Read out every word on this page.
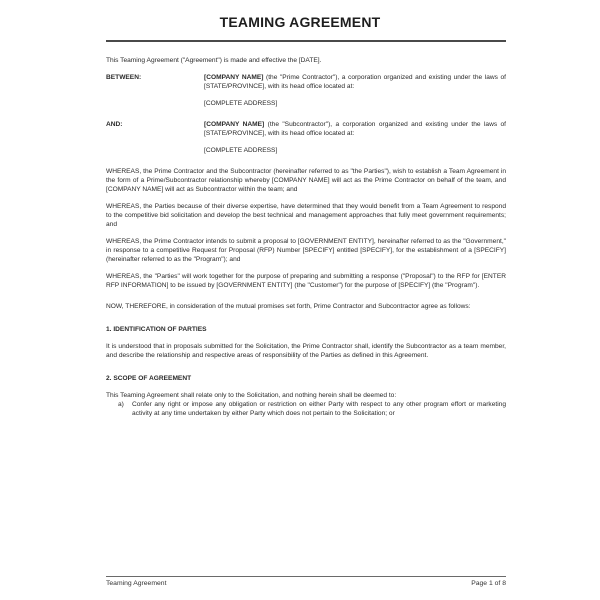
TEAMING AGREEMENT

This Teaming Agreement ("Agreement") is made and effective the [DATE].

BETWEEN:	[COMPANY NAME] (the "Prime Contractor"), a corporation organized and existing under the laws of [STATE/PROVINCE], with its head office located at:
[COMPLETE ADDRESS]
AND:	[COMPANY NAME] (the "Subcontractor"), a corporation organized and existing under the laws of [STATE/PROVINCE], with its head office located at:
[COMPLETE ADDRESS]

WHEREAS, the Prime Contractor and the Subcontractor (hereinafter referred to as "the Parties"), wish to establish a Team Agreement in the form of a Prime/Subcontractor relationship whereby [COMPANY NAME] will act as the Prime Contractor on behalf of the team, and [COMPANY NAME] will act as Subcontractor within the team; and

WHEREAS, the Parties because of their diverse expertise, have determined that they would benefit from a Team Agreement to respond to the competitive bid solicitation and develop the best technical and management approaches that fully meet government requirements; and

WHEREAS, the Prime Contractor intends to submit a proposal to [GOVERNMENT ENTITY], hereinafter referred to as the "Government," in response to a competitive Request for Proposal (RFP) Number [SPECIFY] entitled [SPECIFY], for the establishment of a [SPECIFY] (hereinafter referred to as the "Program"); and

WHEREAS, the "Parties" will work together for the purpose of preparing and submitting a response ("Proposal") to the RFP for [ENTER RFP INFORMATION] to be issued by [GOVERNMENT ENTITY] (the "Customer") for the purpose of [SPECIFY] (the "Program").

NOW, THEREFORE, in consideration of the mutual promises set forth, Prime Contractor and Subcontractor agree as follows:

1. IDENTIFICATION OF PARTIES

It is understood that in proposals submitted for the Solicitation, the Prime Contractor shall, identify the Subcontractor as a team member, and describe the relationship and respective areas of responsibility of the Parties as defined in this Agreement.

2. SCOPE OF AGREEMENT

This Teaming Agreement shall relate only to the Solicitation, and nothing herein shall be deemed to:

a)	Confer any right or impose any obligation or restriction on either Party with respect to any other program effort or marketing activity at any time undertaken by either Party which does not pertain to the Solicitation; or
Teaming Agreement	Page 1 of 8
